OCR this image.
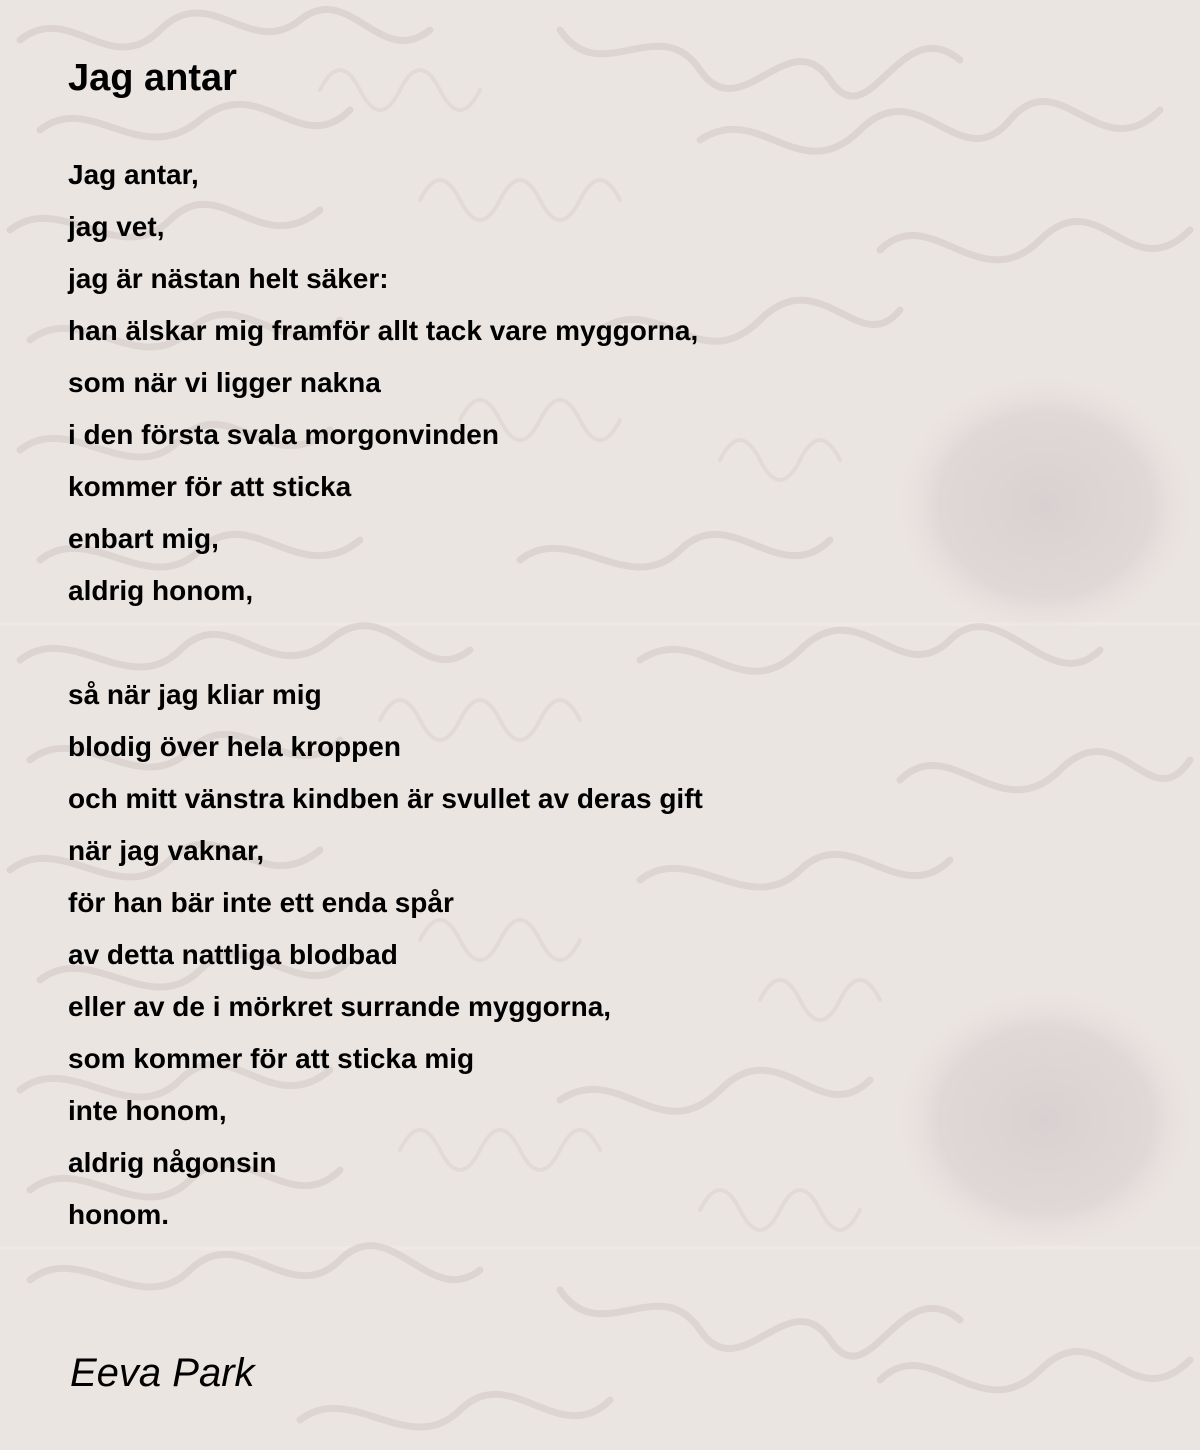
Jag antar
Jag antar,
jag vet,
jag är nästan helt säker:
han älskar mig framför allt tack vare myggorna,
som när vi ligger nakna
i den första svala morgonvinden
kommer för att sticka
enbart mig,
aldrig honom,
så när jag kliar mig
blodig över hela kroppen
och mitt vänstra kindben är svullet av deras gift
när jag vaknar,
för han bär inte ett enda spår
av detta nattliga blodbad
eller av de i mörkret surrande myggorna,
som kommer för att sticka mig
inte honom,
aldrig någonsin
honom.

Eeva Park
